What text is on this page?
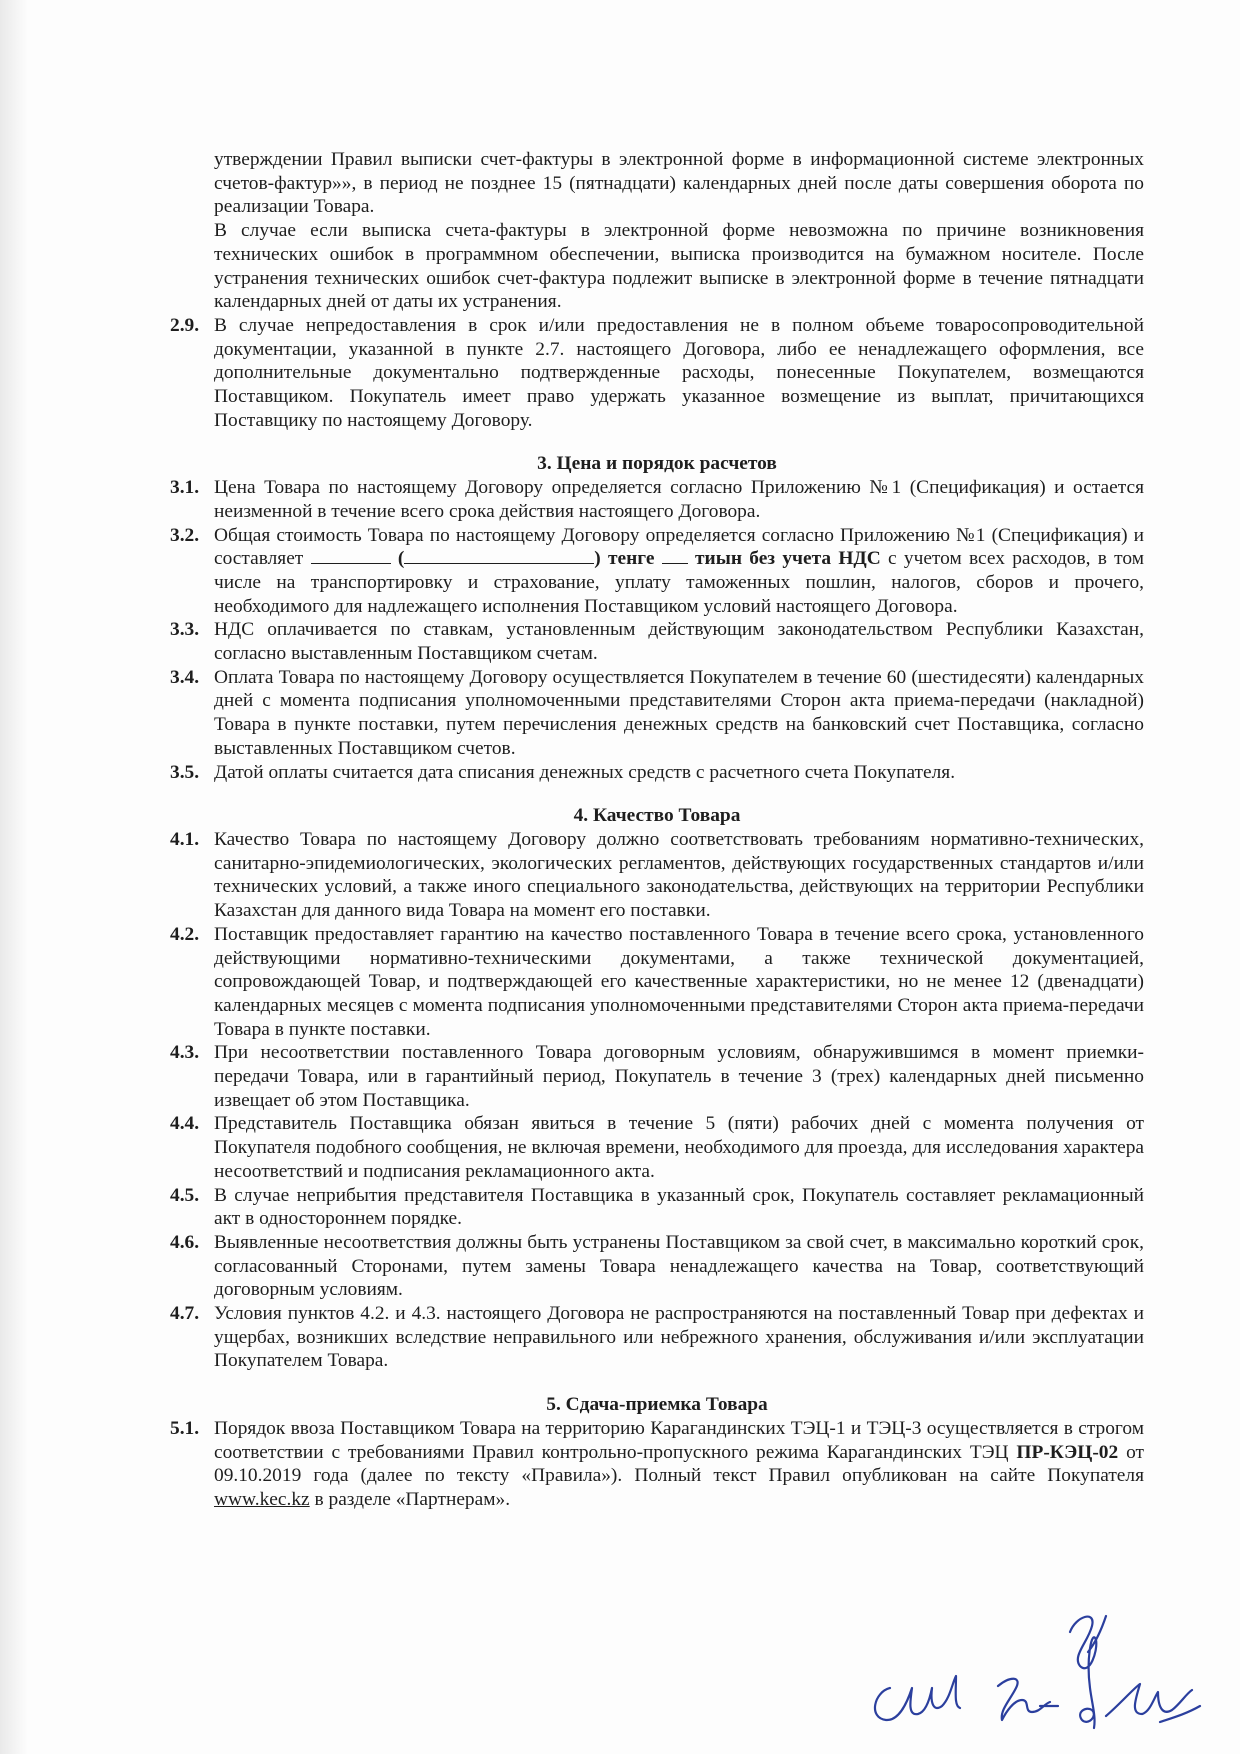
утверждении Правил выписки счет-фактуры в электронной форме в информационной системе электронных счетов-фактур»», в период не позднее 15 (пятнадцати) календарных дней после даты совершения оборота по реализации Товара.

В случае если выписка счета-фактуры в электронной форме невозможна по причине возникновения технических ошибок в программном обеспечении, выписка производится на бумажном носителе. После устранения технических ошибок счет-фактура подлежит выписке в электронной форме в течение пятнадцати календарных дней от даты их устранения.

2.9. В случае непредоставления в срок и/или предоставления не в полном объеме товаросопроводительной документации, указанной в пункте 2.7. настоящего Договора, либо ее ненадлежащего оформления, все дополнительные документально подтвержденные расходы, понесенные Покупателем, возмещаются Поставщиком. Покупатель имеет право удержать указанное возмещение из выплат, причитающихся Поставщику по настоящему Договору.

3. Цена и порядок расчетов

3.1. Цена Товара по настоящему Договору определяется согласно Приложению №1 (Спецификация) и остается неизменной в течение всего срока действия настоящего Договора.
3.2. Общая стоимость Товара по настоящему Договору определяется согласно Приложению №1 (Спецификация) и составляет	(	) тенге  тиын без учета НДС с учетом всех расходов, в том числе на транспортировку и страхование, уплату таможенных пошлин, налогов, сборов и прочего, необходимого для надлежащего исполнения Поставщиком условий настоящего Договора.
3.3. НДС оплачивается по ставкам, установленным действующим законодательством Республики Казахстан, согласно выставленным Поставщиком счетам.
3.4. Оплата Товара по настоящему Договору осуществляется Покупателем в течение 60 (шестидесяти) календарных дней с момента подписания уполномоченными представителями Сторон акта приема-передачи (накладной) Товара в пункте поставки, путем перечисления денежных средств на банковский счет Поставщика, согласно выставленных Поставщиком счетов.
3.5. Датой оплаты считается дата списания денежных средств с расчетного счета Покупателя.

4. Качество Товара

4.1. Качество Товара по настоящему Договору должно соответствовать требованиям нормативно-технических, санитарно-эпидемиологических, экологических регламентов, действующих государственных стандартов и/или технических условий, а также иного специального законодательства, действующих на территории Республики Казахстан для данного вида Товара на момент его поставки.
4.2. Поставщик предоставляет гарантию на качество поставленного Товара в течение всего срока, установленного действующими нормативно-техническими документами, а также технической документацией, сопровождающей Товар, и подтверждающей его качественные характеристики, но не менее 12 (двенадцати) календарных месяцев с момента подписания уполномоченными представителями Сторон акта приема-передачи Товара в пункте поставки.
4.3. При несоответствии поставленного Товара договорным условиям, обнаружившимся в момент приемки-передачи Товара, или в гарантийный период, Покупатель в течение 3 (трех) календарных дней письменно извещает об этом Поставщика.
4.4. Представитель Поставщика обязан явиться в течение 5 (пяти) рабочих дней с момента получения от Покупателя подобного сообщения, не включая времени, необходимого для проезда, для исследования характера несоответствий и подписания рекламационного акта.
4.5. В случае неприбытия представителя Поставщика в указанный срок, Покупатель составляет рекламационный акт в одностороннем порядке.
4.6. Выявленные несоответствия должны быть устранены Поставщиком за свой счет, в максимально короткий срок, согласованный Сторонами, путем замены Товара ненадлежащего качества на Товар, соответствующий договорным условиям.
4.7. Условия пунктов 4.2. и 4.3. настоящего Договора не распространяются на поставленный Товар при дефектах и ущербах, возникших вследствие неправильного или небрежного хранения, обслуживания и/или эксплуатации Покупателем Товара.

5. Сдача-приемка Товара

5.1. Порядок ввоза Поставщиком Товара на территорию Карагандинских ТЭЦ-1 и ТЭЦ-3 осуществляется в строгом соответствии с требованиями Правил контрольно-пропускного режима Карагандинских ТЭЦ ПР-КЭЦ-02 от 09.10.2019 года (далее по тексту «Правила»). Полный текст Правил опубликован на сайте Покупателя www.kec.kz в разделе «Партнерам».
